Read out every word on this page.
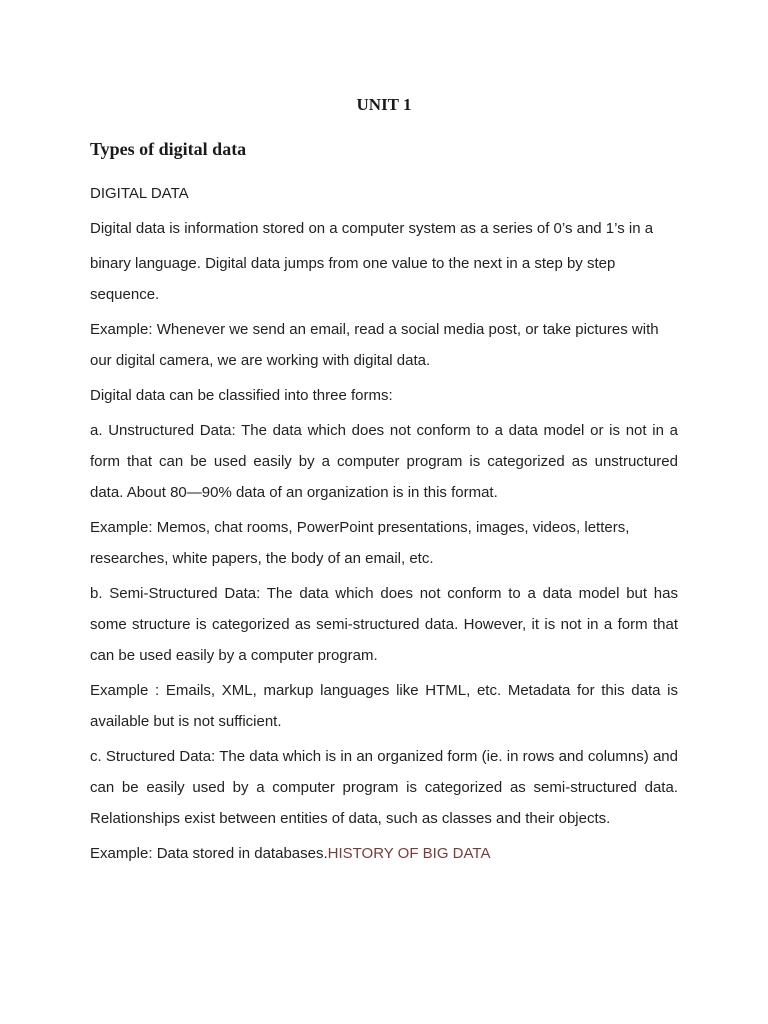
UNIT 1
Types of digital data

DIGITAL DATA

Digital data is information stored on a computer system as a series of 0’s and 1’s in a

binary language. Digital data jumps from one value to the next in a step by step sequence.

Example: Whenever we send an email, read a social media post, or take pictures with our digital camera, we are working with digital data.

Digital data can be classified into three forms:

a. Unstructured Data: The data which does not conform to a data model or is not in a form that can be used easily by a computer program is categorized as unstructured data. About 80—90% data of an organization is in this format.

Example: Memos, chat rooms, PowerPoint presentations, images, videos, letters, researches, white papers, the body of an email, etc.

b. Semi-Structured Data: The data which does not conform to a data model but has some structure is categorized as semi-structured data. However, it is not in a form that can be used easily by a computer program.

Example : Emails, XML, markup languages like HTML, etc. Metadata for this data is available but is not sufficient.

c. Structured Data: The data which is in an organized form (ie. in rows and columns) and can be easily used by a computer program is categorized as semi-structured data. Relationships exist between entities of data, such as classes and their objects.

Example: Data stored in databases.HISTORY OF BIG DATA
